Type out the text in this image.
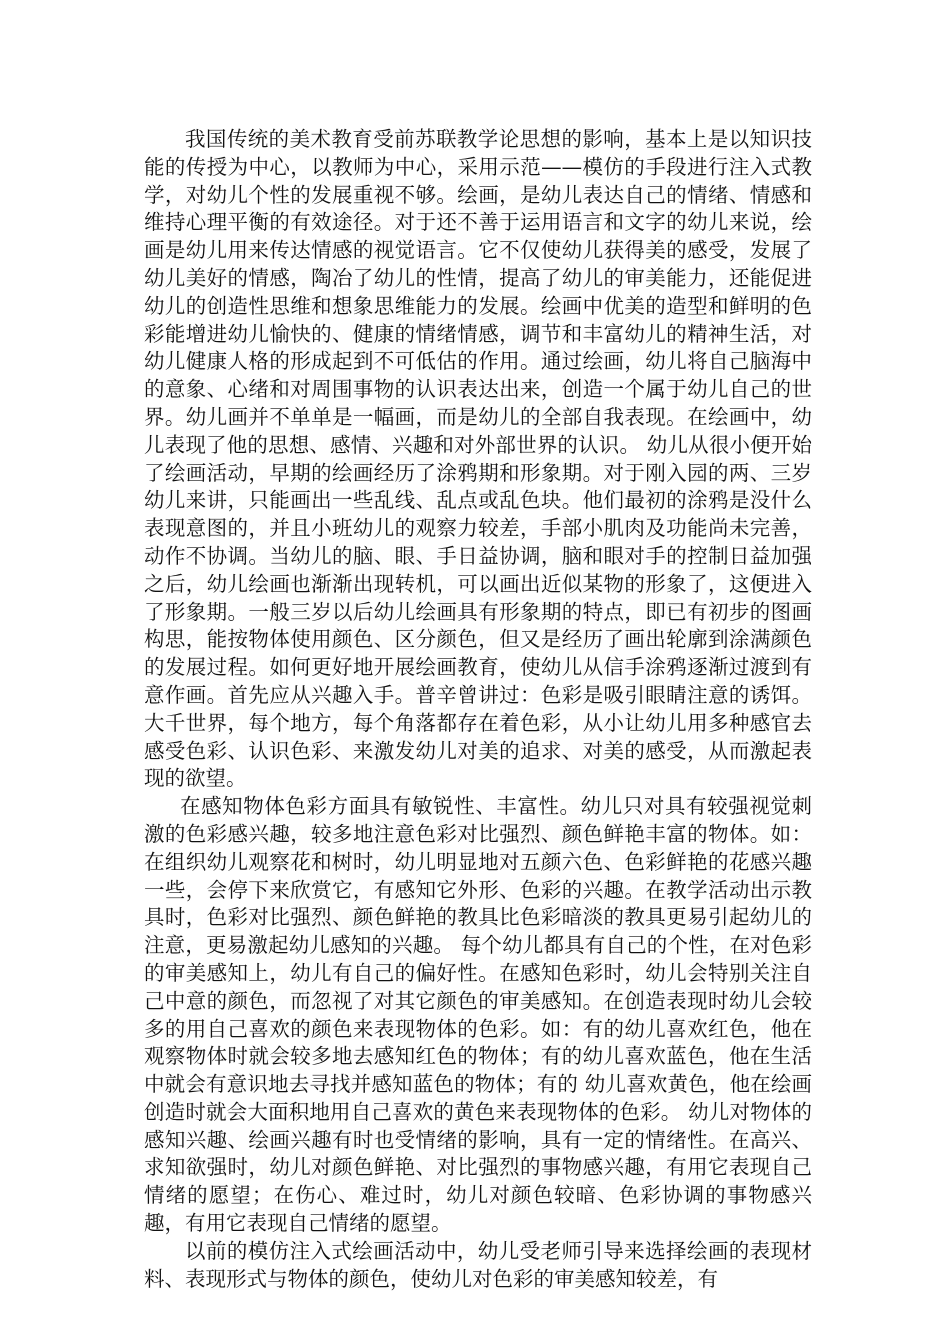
我国传统的美术教育受前苏联教学论思想的影响，基本上是以知识技能的传授为中心，以教师为中心，采用示范——模仿的手段进行注入式教学，对幼儿个性的发展重视不够。绘画，是幼儿表达自己的情绪、情感和维持心理平衡的有效途径。对于还不善于运用语言和文字的幼儿来说，绘画是幼儿用来传达情感的视觉语言。它不仅使幼儿获得美的感受，发展了幼儿美好的情感，陶冶了幼儿的性情，提高了幼儿的审美能力，还能促进幼儿的创造性思维和想象思维能力的发展。绘画中优美的造型和鲜明的色彩能增进幼儿愉快的、健康的情绪情感，调节和丰富幼儿的精神生活，对幼儿健康人格的形成起到不可低估的作用。通过绘画，幼儿将自己脑海中的意象、心绪和对周围事物的认识表达出来，创造一个属于幼儿自己的世界。幼儿画并不单单是一幅画，而是幼儿的全部自我表现。在绘画中，幼儿表现了他的思想、感情、兴趣和对外部世界的认识。 幼儿从很小便开始了绘画活动，早期的绘画经历了涂鸦期和形象期。对于刚入园的两、三岁 幼儿来讲，只能画出一些乱线、乱点或乱色块。他们最初的涂鸦是没什么表现意图的，并且小班幼儿的观察力较差，手部小肌肉及功能尚未完善，动作不协调。当幼儿的脑、眼、手日益协调，脑和眼对手的控制日益加强之后，幼儿绘画也渐渐出现转机，可以画出近似某物的形象了，这便进入了形象期。一般三岁以后幼儿绘画具有形象期的特点，即已有初步的图画构思，能按物体使用颜色、区分颜色，但又是经历了画出轮廓到涂满颜色的发展过程。如何更好地开展绘画教育，使幼儿从信手涂鸦逐渐过渡到有意作画。首先应从兴趣入手。普辛曾讲过：色彩是吸引眼睛注意的诱饵。大千世界，每个地方，每个角落都存在着色彩，从小让幼儿用多种感官去感受色彩、认识色彩、来激发幼儿对美的追求、对美的感受，从而激起表现的欲望。

在感知物体色彩方面具有敏锐性、丰富性。幼儿只对具有较强视觉刺激的色彩感兴趣，较多地注意色彩对比强烈、颜色鲜艳丰富的物体。如：在组织幼儿观察花和树时，幼儿明显地对五颜六色、色彩鲜艳的花感兴趣一些，会停下来欣赏它，有感知它外形、色彩的兴趣。在教学活动出示教具时，色彩对比强烈、颜色鲜艳的教具比色彩暗淡的教具更易引起幼儿的注意，更易激起幼儿感知的兴趣。 每个幼儿都具有自己的个性，在对色彩的审美感知上，幼儿有自己的偏好性。在感知色彩时，幼儿会特别关注自己中意的颜色，而忽视了对其它颜色的审美感知。在创造表现时幼儿会较多的用自己喜欢的颜色来表现物体的色彩。如：有的幼儿喜欢红色，他在观察物体时就会较多地去感知红色的物体；有的幼儿喜欢蓝色，他在生活中就会有意识地去寻找并感知蓝色的物体；有的 幼儿喜欢黄色，他在绘画创造时就会大面积地用自己喜欢的黄色来表现物体的色彩。 幼儿对物体的感知兴趣、绘画兴趣有时也受情绪的影响，具有一定的情绪性。在高兴、求知欲强时，幼儿对颜色鲜艳、对比强烈的事物感兴趣，有用它表现自己情绪的愿望；在伤心、难过时，幼儿对颜色较暗、色彩协调的事物感兴趣，有用它表现自己情绪的愿望。

以前的模仿注入式绘画活动中，幼儿受老师引导来选择绘画的表现材料、表现形式与物体的颜色，使幼儿对色彩的审美感知较差，有
